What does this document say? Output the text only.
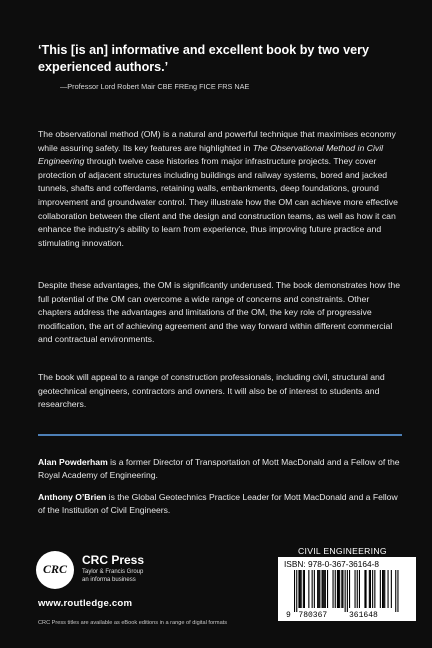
‘This [is an] informative and excellent book by two very experienced authors.’
—Professor Lord Robert Mair CBE FREng FICE FRS NAE

The observational method (OM) is a natural and powerful technique that maximises economy while assuring safety. Its key features are highlighted in The Observational Method in Civil Engineering through twelve case histories from major infrastructure projects. They cover protection of adjacent structures including buildings and railway systems, bored and jacked tunnels, shafts and cofferdams, retaining walls, embankments, deep foundations, ground improvement and groundwater control. They illustrate how the OM can achieve more effective collaboration between the client and the design and construction teams, as well as how it can enhance the industry’s ability to learn from experience, thus improving future practice and stimulating innovation.

Despite these advantages, the OM is significantly underused. The book demonstrates how the full potential of the OM can overcome a wide range of concerns and constraints. Other chapters address the advantages and limitations of the OM, the key role of progressive modification, the art of achieving agreement and the way forward within different commercial and contractual environments.

The book will appeal to a range of construction professionals, including civil, structural and geotechnical engineers, contractors and owners. It will also be of interest to students and researchers.

Alan Powderham is a former Director of Transportation of Mott MacDonald and a Fellow of the Royal Academy of Engineering.
Anthony O’Brien is the Global Geotechnics Practice Leader for Mott MacDonald and a Fellow of the Institution of Civil Engineers.
CRC
CRC Press
Taylor & Francis Group
an informa business
www.routledge.com
CRC Press titles are available as eBook editions in a range of digital formats
CIVIL ENGINEERING
ISBN: 978-0-367-36164-8
9 780367	361648
